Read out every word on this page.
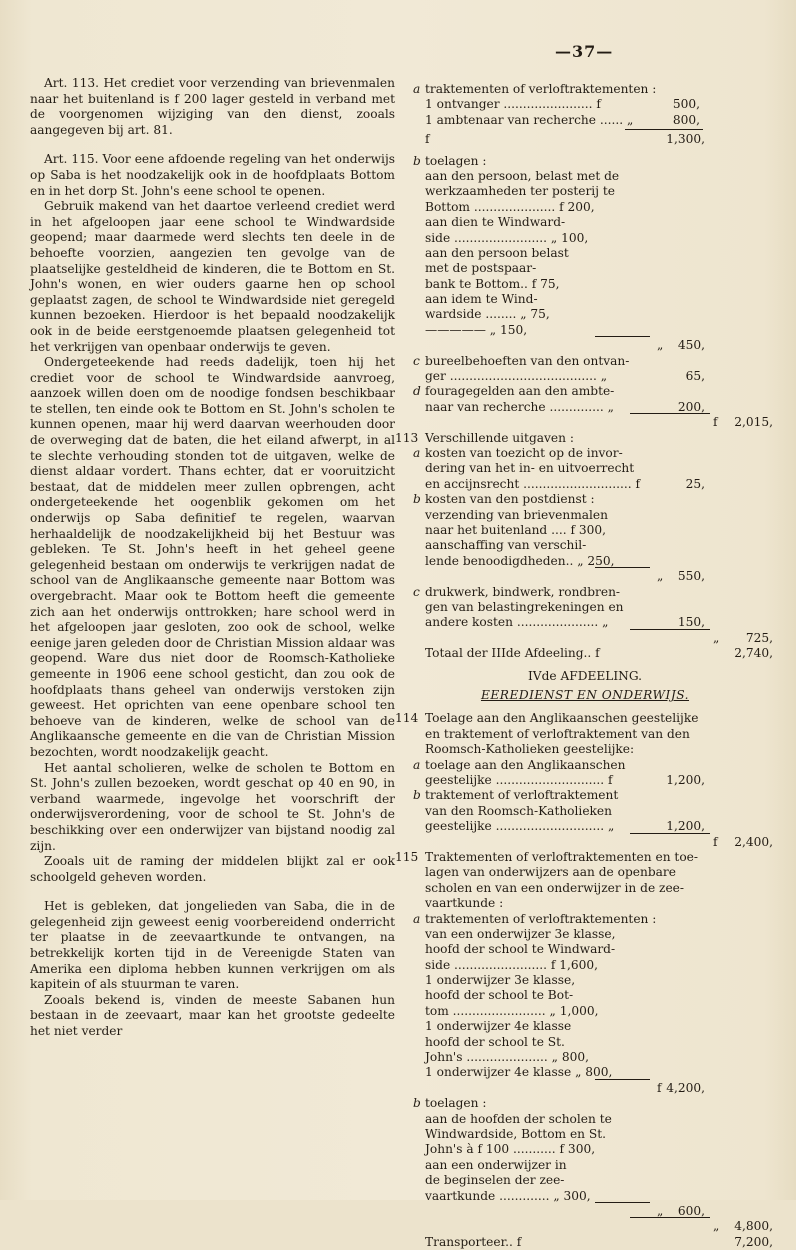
—37—

Art. 113. Het crediet voor verzending van brievenmalen naar het buitenland is f 200 lager gesteld in verband met de voorgenomen wijziging van den dienst, zooals aangegeven bij art. 81.

Art. 115. Voor eene afdoende regeling van het onderwijs op Saba is het noodzakelijk ook in de hoofdplaats Bottom en in het dorp St. John's eene school te openen.

Gebruik makend van het daartoe verleend crediet werd in het afgeloopen jaar eene school te Windwardside geopend; maar daarmede werd slechts ten deele in de behoefte voorzien, aangezien ten gevolge van de plaatselijke gesteldheid de kinderen, die te Bottom en St. John's wonen, en wier ouders gaarne hen op school geplaatst zagen, de school te Windwardside niet geregeld kunnen bezoeken. Hierdoor is het bepaald noodzakelijk ook in de beide eerstgenoemde plaatsen gelegenheid tot het verkrijgen van openbaar onderwijs te geven.

Ondergeteekende had reeds dadelijk, toen hij het crediet voor de school te Windwardside aanvroeg, aanzoek willen doen om de noodige fondsen beschikbaar te stellen, ten einde ook te Bottom en St. John's scholen te kunnen openen, maar hij werd daarvan weerhouden door de overweging dat de baten, die het eiland afwerpt, in al te slechte verhouding stonden tot de uitgaven, welke de dienst aldaar vordert. Thans echter, dat er vooruitzicht bestaat, dat de middelen meer zullen opbrengen, acht ondergeteekende het oogenblik gekomen om het onderwijs op Saba definitief te regelen, waarvan herhaaldelijk de noodzakelijkheid bij het Bestuur was gebleken. Te St. John's heeft in het geheel geene gelegenheid bestaan om onderwijs te verkrijgen nadat de school van de Anglikaansche gemeente naar Bottom was overgebracht. Maar ook te Bottom heeft die gemeente zich aan het onderwijs onttrokken; hare school werd in het afgeloopen jaar gesloten, zoo ook de school, welke eenige jaren geleden door de Christian Mission aldaar was geopend. Ware dus niet door de Roomsch-Katholieke gemeente in 1906 eene school gesticht, dan zou ook de hoofdplaats thans geheel van onderwijs verstoken zijn geweest. Het oprichten van eene openbare school ten behoeve van de kinderen, welke de school van de Anglikaansche gemeente en die van de Christian Mission bezochten, wordt noodzakelijk geacht.

Het aantal scholieren, welke de scholen te Bottom en St. John's zullen bezoeken, wordt geschat op 40 en 90, in verband waarmede, ingevolge het voorschrift der onderwijsverordening, voor de school te St. John's de beschikking over een onderwijzer van bijstand noodig zal zijn.

Zooals uit de raming der middelen blijkt zal er ook schoolgeld geheven worden.

Het is gebleken, dat jongelieden van Saba, die in de gelegenheid zijn geweest eenig voorbereidend onderricht ter plaatse in de zeevaartkunde te ontvangen, na betrekkelijk korten tijd in de Vereenigde Staten van Amerika een diploma hebben kunnen verkrijgen om als kapitein of als stuurman te varen.

Zooals bekend is, vinden de meeste Sabanen hun bestaan in de zeevaart, maar kan het grootste gedeelte het niet verder

a traktementen of verloftraktementen :
1 ontvanger ....................... f	500,
1 ambtenaar van recherche ...... „	800,
f	1,300,
b toelagen :
aan den persoon, belast met de
werkzaamheden ter posterij te
Bottom ..................... f 200,
aan dien te Windward-
side ........................ „ 100,
aan den persoon belast
met de postspaar-
bank te Bottom.. f 75,
aan idem te Wind-
wardside ........ „ 75,
————— „ 150,
„ 450,
c bureelbehoeften van den ontvan-
ger ...................................... „	65,
d fouragegelden aan den ambte-
naar van recherche .............. „	200,
f 2,015,
113 Verschillende uitgaven :
a kosten van toezicht op de invor-
dering van het in- en uitvoerrecht
en accijnsrecht ............................ f	25,
b kosten van den postdienst :
verzending van brievenmalen
naar het buitenland .... f 300,
aanschaffing van verschil-
lende benoodigdheden.. „ 250,
„ 550,
c drukwerk, bindwerk, rondbren-
gen van belastingrekeningen en
andere kosten ..................... „	150,
„ 725,
Totaal der IIIde Afdeeling.. f	2,740,
IVde AFDEELING.
EEREDIENST EN ONDERWIJS.
114 Toelage aan den Anglikaanschen geestelijke
en traktement of verloftraktement van den
Roomsch-Katholieken geestelijke:
a toelage aan den Anglikaanschen
geestelijke ............................ f	1,200,
b traktement of verloftraktement
van den Roomsch-Katholieken
geestelijke ............................ „	1,200,
f 2,400,
115 Traktementen of verloftraktementen en toe-
lagen van onderwijzers aan de openbare
scholen en van een onderwijzer in de zee-
vaartkunde :
a traktementen of verloftraktementen :
van een onderwijzer 3e klasse,
hoofd der school te Windward-
side ........................ f 1,600,
1 onderwijzer 3e klasse,
hoofd der school te Bot-
tom ........................ „ 1,000,
1 onderwijzer 4e klasse
hoofd der school te St.
John's ..................... „ 800,
1 onderwijzer 4e klasse „ 800,
f 4,200,
b toelagen :
aan de hoofden der scholen te
Windwardside, Bottom en St.
John's à f 100 ........... f 300,
aan een onderwijzer in
de beginselen der zee-
vaartkunde ............. „ 300,
„ 600,
„ 4,800,
Transporteer.. f	7,200,
